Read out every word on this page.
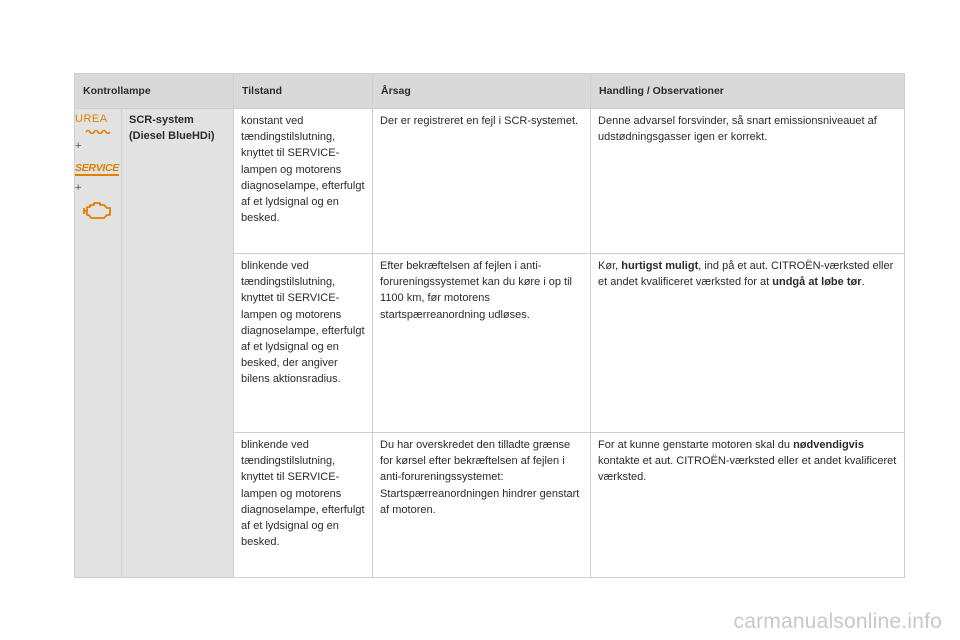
Kontrollampe		Tilstand	Årsag	Handling / Observationer
UREA
+
SERVICE
+	SCR-system (Diesel BlueHDi)	konstant ved tændingstilslutning, knyttet til SERVICE-lampen og motorens diagnoselampe, efterfulgt af et lydsignal og en besked.	Der er registreret en fejl i SCR-systemet.	Denne advarsel forsvinder, så snart emissionsniveauet af udstødningsgasser igen er korrekt.

		blinkende ved tændingstilslutning, knyttet til SERVICE-lampen og motorens diagnoselampe, efterfulgt af et lydsignal og en besked, der angiver bilens aktionsradius.	Efter bekræftelsen af fejlen i anti-forureningssystemet kan du køre i op til 1100 km, før motorens startspærreanordning udløses.	Kør, hurtigst muligt, ind på et aut. CITROËN-værksted eller et andet kvalificeret værksted for at undgå at løbe tør.

		blinkende ved tændingstilslutning, knyttet til SERVICE-lampen og motorens diagnoselampe, efterfulgt af et lydsignal og en besked.	Du har overskredet den tilladte grænse for kørsel efter bekræftelsen af fejlen i anti-forureningssystemet: Startspærreanordningen hindrer genstart af motoren.	For at kunne genstarte motoren skal du nødvendigvis kontakte et aut. CITROËN-værksted eller et andet kvalificeret værksted.
carmanualsonline.info
